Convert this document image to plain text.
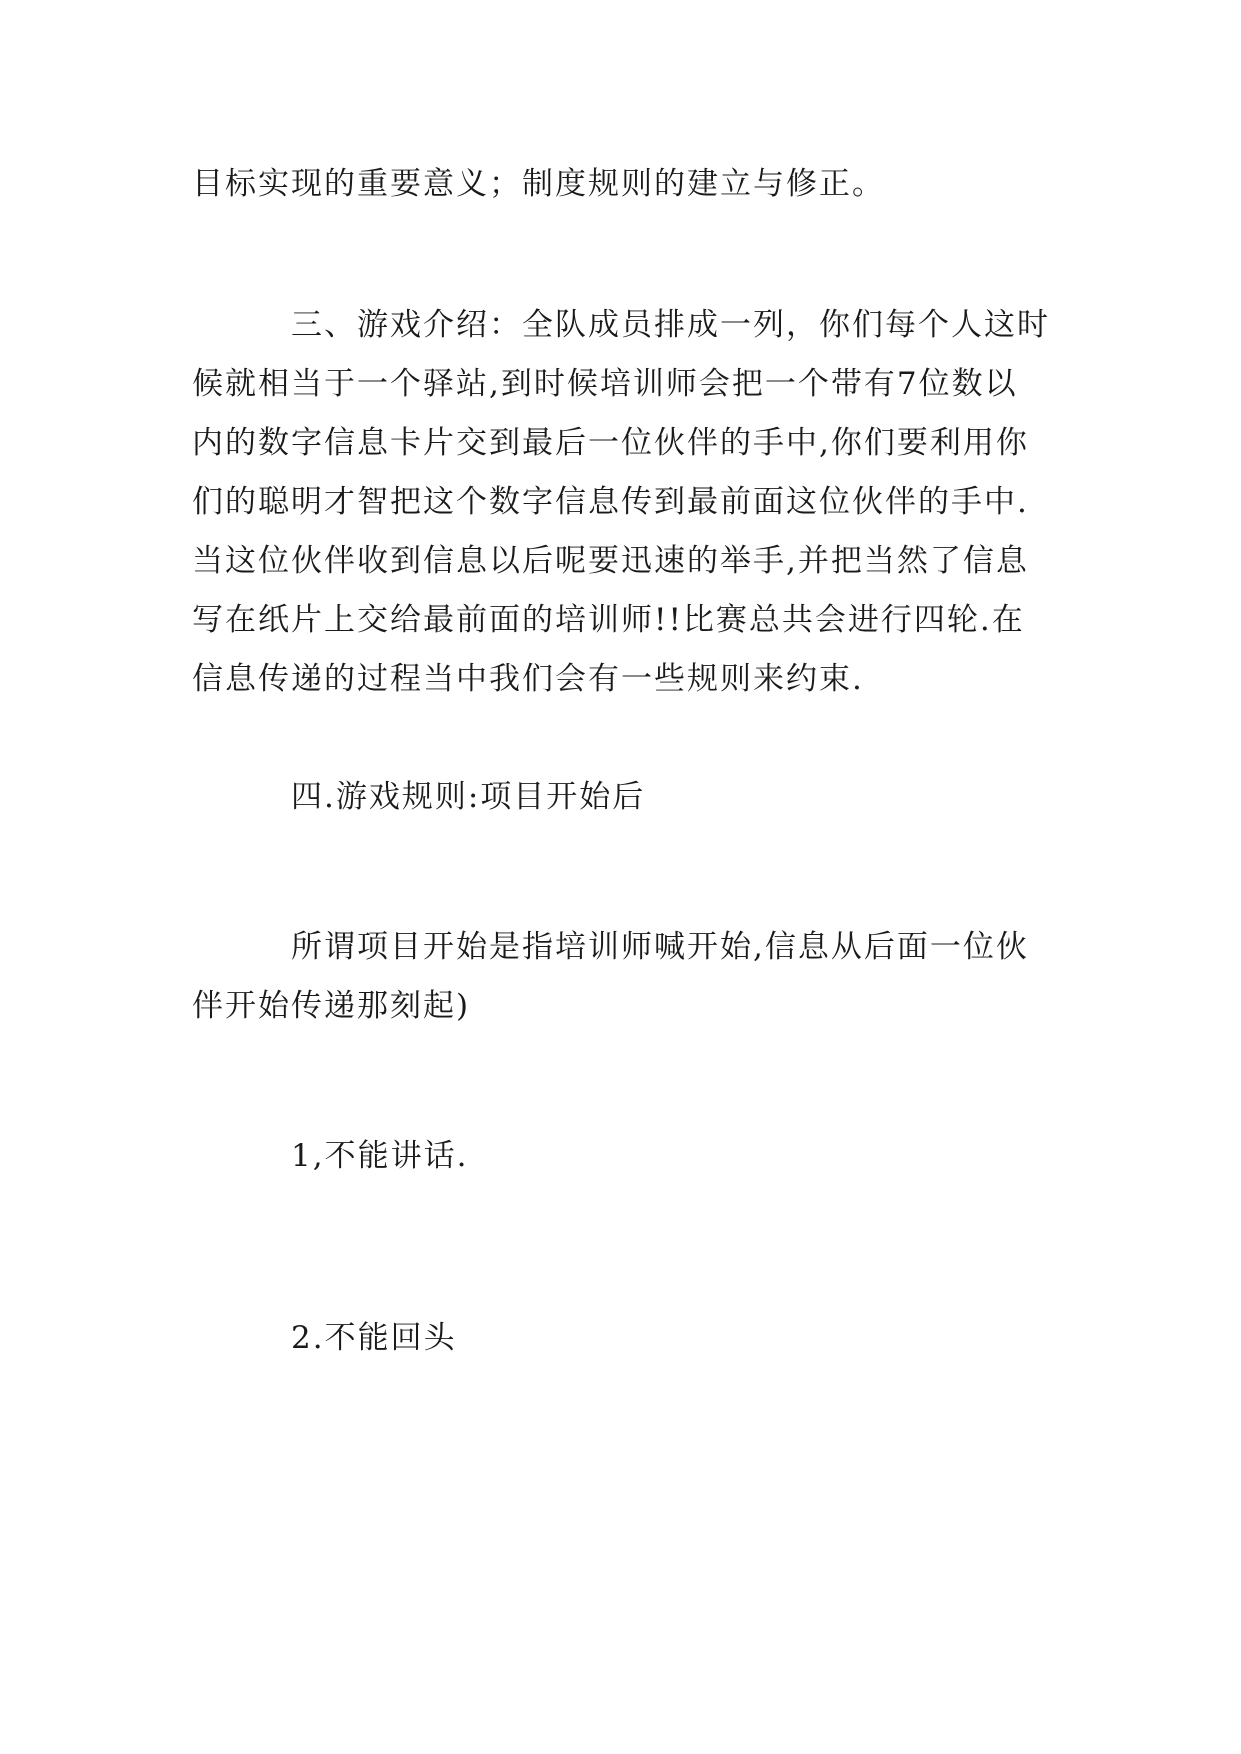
目标实现的重要意义；制度规则的建立与修正。

　　　三、游戏介绍：全队成员排成一列，你们每个人这时
候就相当于一个驿站,到时候培训师会把一个带有7位数以
内的数字信息卡片交到最后一位伙伴的手中,你们要利用你
们的聪明才智把这个数字信息传到最前面这位伙伴的手中.
当这位伙伴收到信息以后呢要迅速的举手,并把当然了信息
写在纸片上交给最前面的培训师!!比赛总共会进行四轮.在
信息传递的过程当中我们会有一些规则来约束.

　　　四.游戏规则:项目开始后

　　　所谓项目开始是指培训师喊开始,信息从后面一位伙
伴开始传递那刻起)

　　　1,不能讲话.

　　　2.不能回头
